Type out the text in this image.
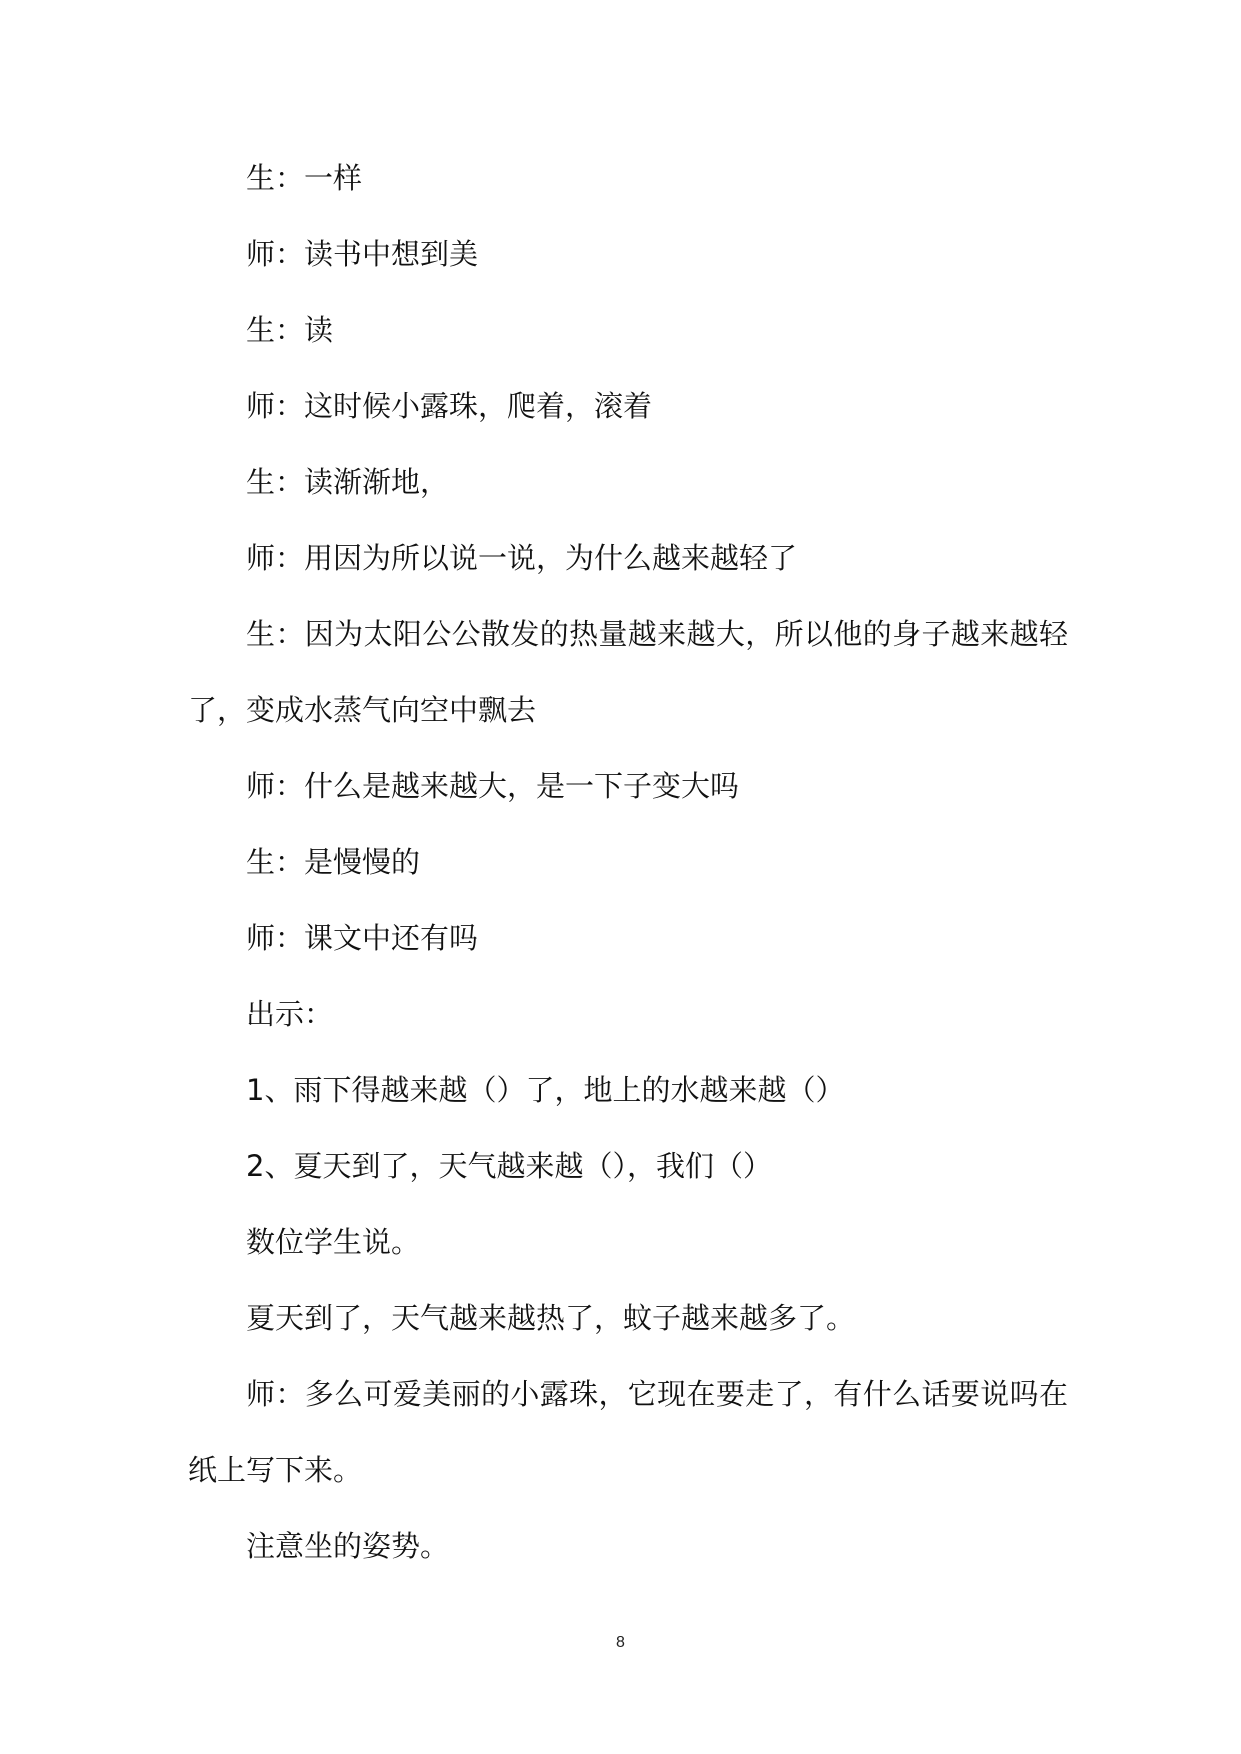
生：一样

师：读书中想到美

生：读

师：这时候小露珠，爬着，滚着

生：读渐渐地，

师：用因为所以说一说，为什么越来越轻了

生：因为太阳公公散发的热量越来越大，所以他的身子越来越轻了，变成水蒸气向空中飘去

师：什么是越来越大，是一下子变大吗

生：是慢慢的

师：课文中还有吗

出示：

1、雨下得越来越（）了，地上的水越来越（）

2、夏天到了，天气越来越（），我们（）

数位学生说。

夏天到了，天气越来越热了，蚊子越来越多了。

师：多么可爱美丽的小露珠，它现在要走了，有什么话要说吗在纸上写下来。

注意坐的姿势。

8
